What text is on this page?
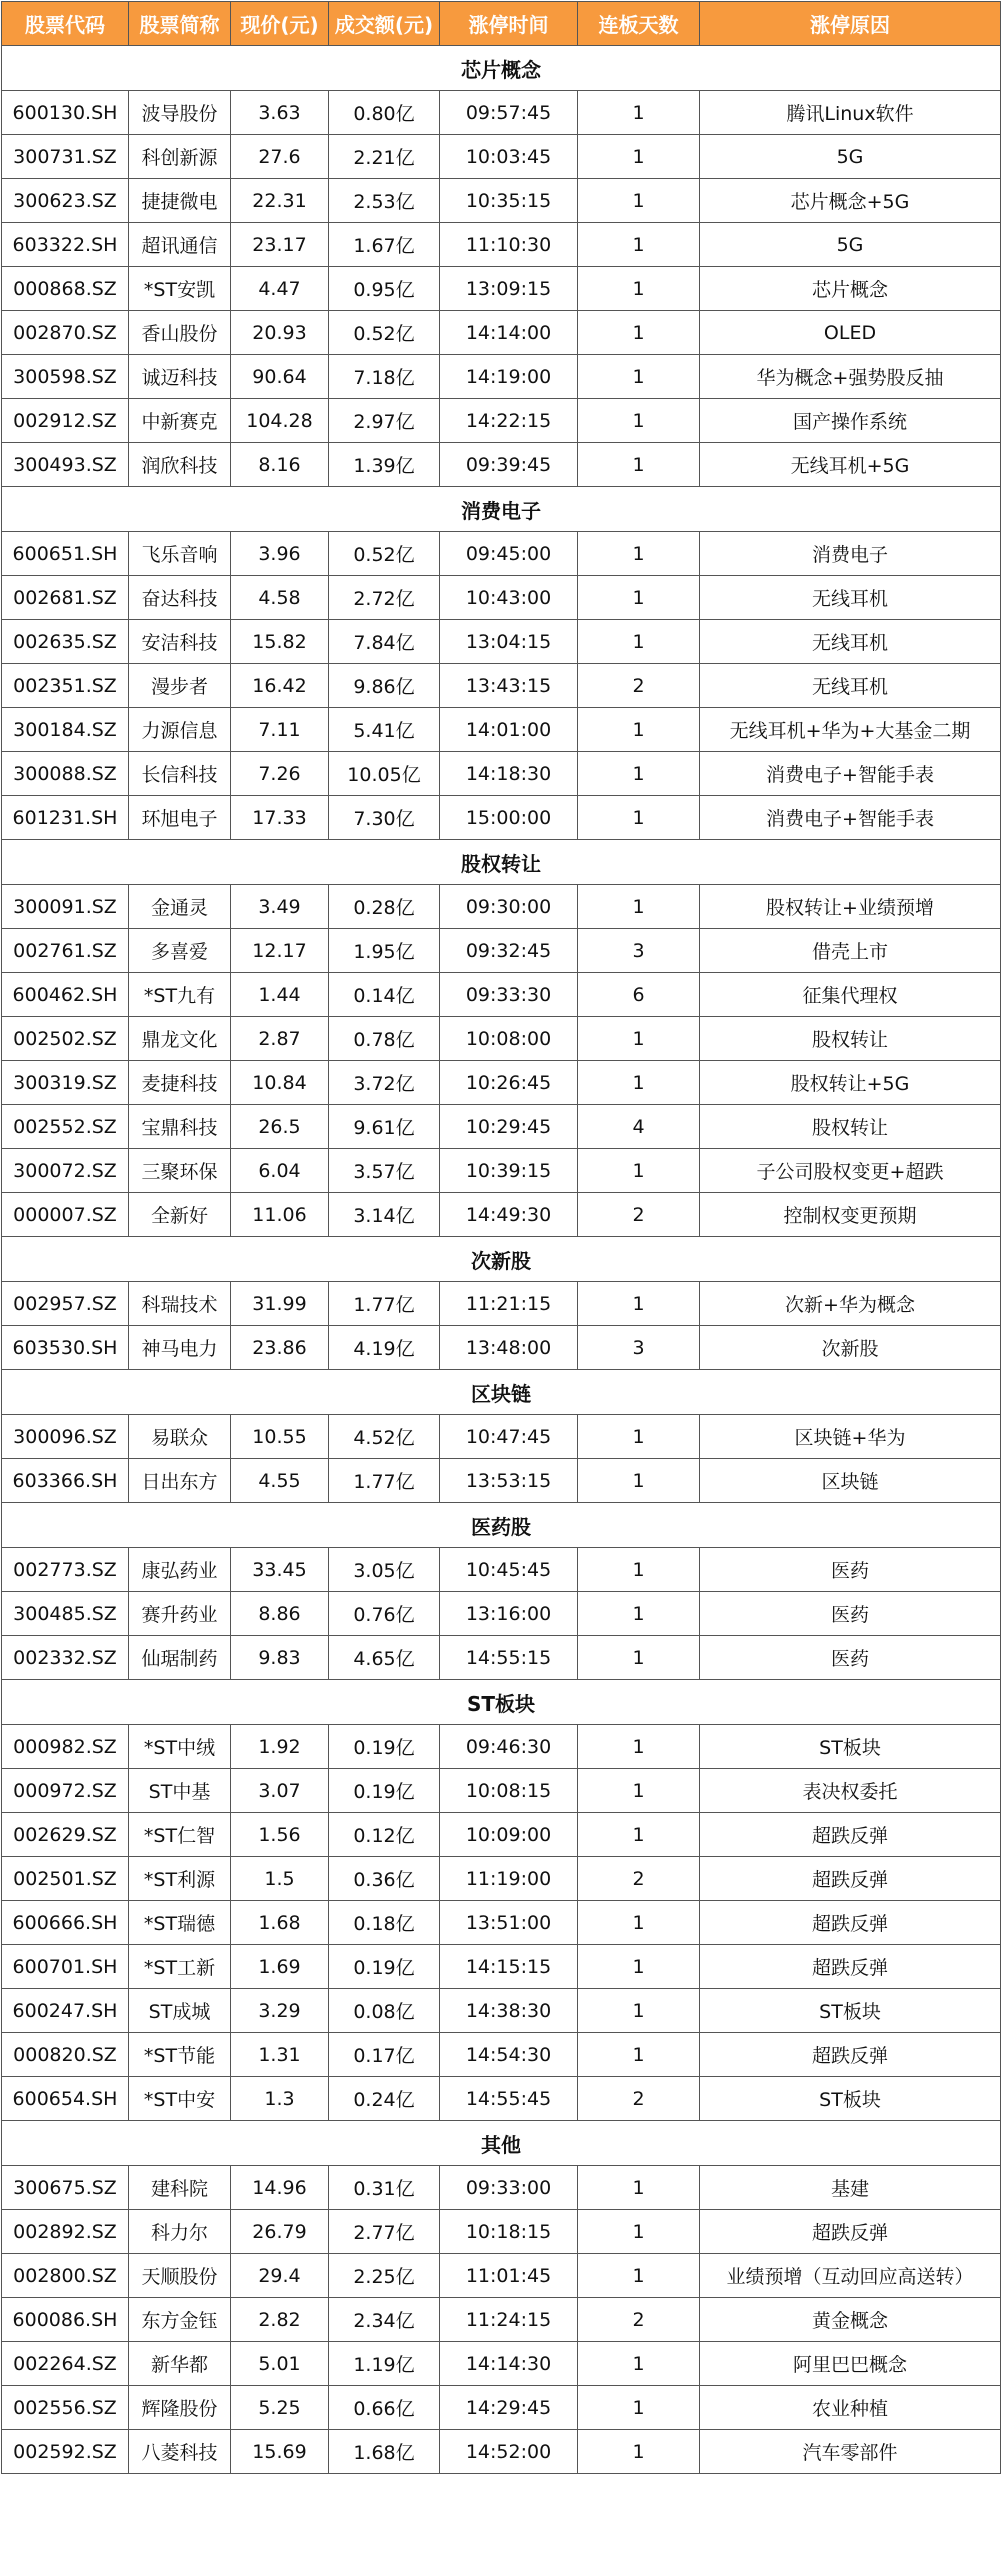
股票代码	股票简称	现价(元)	成交额(元)	涨停时间	连板天数	涨停原因
芯片概念						
600130.SH	波导股份	3.63	0.80亿	09:57:45	1	腾讯Linux软件
300731.SZ	科创新源	27.6	2.21亿	10:03:45	1	5G
300623.SZ	捷捷微电	22.31	2.53亿	10:35:15	1	芯片概念+5G
603322.SH	超讯通信	23.17	1.67亿	11:10:30	1	5G
000868.SZ	*ST安凯	4.47	0.95亿	13:09:15	1	芯片概念
002870.SZ	香山股份	20.93	0.52亿	14:14:00	1	OLED
300598.SZ	诚迈科技	90.64	7.18亿	14:19:00	1	华为概念+强势股反抽
002912.SZ	中新赛克	104.28	2.97亿	14:22:15	1	国产操作系统
300493.SZ	润欣科技	8.16	1.39亿	09:39:45	1	无线耳机+5G
消费电子						
600651.SH	飞乐音响	3.96	0.52亿	09:45:00	1	消费电子
002681.SZ	奋达科技	4.58	2.72亿	10:43:00	1	无线耳机
002635.SZ	安洁科技	15.82	7.84亿	13:04:15	1	无线耳机
002351.SZ	漫步者	16.42	9.86亿	13:43:15	2	无线耳机
300184.SZ	力源信息	7.11	5.41亿	14:01:00	1	无线耳机+华为+大基金二期
300088.SZ	长信科技	7.26	10.05亿	14:18:30	1	消费电子+智能手表
601231.SH	环旭电子	17.33	7.30亿	15:00:00	1	消费电子+智能手表
股权转让						
300091.SZ	金通灵	3.49	0.28亿	09:30:00	1	股权转让+业绩预增
002761.SZ	多喜爱	12.17	1.95亿	09:32:45	3	借壳上市
600462.SH	*ST九有	1.44	0.14亿	09:33:30	6	征集代理权
002502.SZ	鼎龙文化	2.87	0.78亿	10:08:00	1	股权转让
300319.SZ	麦捷科技	10.84	3.72亿	10:26:45	1	股权转让+5G
002552.SZ	宝鼎科技	26.5	9.61亿	10:29:45	4	股权转让
300072.SZ	三聚环保	6.04	3.57亿	10:39:15	1	子公司股权变更+超跌
000007.SZ	全新好	11.06	3.14亿	14:49:30	2	控制权变更预期
次新股						
002957.SZ	科瑞技术	31.99	1.77亿	11:21:15	1	次新+华为概念
603530.SH	神马电力	23.86	4.19亿	13:48:00	3	次新股
区块链						
300096.SZ	易联众	10.55	4.52亿	10:47:45	1	区块链+华为
603366.SH	日出东方	4.55	1.77亿	13:53:15	1	区块链
医药股						
002773.SZ	康弘药业	33.45	3.05亿	10:45:45	1	医药
300485.SZ	赛升药业	8.86	0.76亿	13:16:00	1	医药
002332.SZ	仙琚制药	9.83	4.65亿	14:55:15	1	医药
ST板块						
000982.SZ	*ST中绒	1.92	0.19亿	09:46:30	1	ST板块
000972.SZ	ST中基	3.07	0.19亿	10:08:15	1	表决权委托
002629.SZ	*ST仁智	1.56	0.12亿	10:09:00	1	超跌反弹
002501.SZ	*ST利源	1.5	0.36亿	11:19:00	2	超跌反弹
600666.SH	*ST瑞德	1.68	0.18亿	13:51:00	1	超跌反弹
600701.SH	*ST工新	1.69	0.19亿	14:15:15	1	超跌反弹
600247.SH	ST成城	3.29	0.08亿	14:38:30	1	ST板块
000820.SZ	*ST节能	1.31	0.17亿	14:54:30	1	超跌反弹
600654.SH	*ST中安	1.3	0.24亿	14:55:45	2	ST板块
其他						
300675.SZ	建科院	14.96	0.31亿	09:33:00	1	基建
002892.SZ	科力尔	26.79	2.77亿	10:18:15	1	超跌反弹
002800.SZ	天顺股份	29.4	2.25亿	11:01:45	1	业绩预增（互动回应高送转）
600086.SH	东方金钰	2.82	2.34亿	11:24:15	2	黄金概念
002264.SZ	新华都	5.01	1.19亿	14:14:30	1	阿里巴巴概念
002556.SZ	辉隆股份	5.25	0.66亿	14:29:45	1	农业种植
002592.SZ	八菱科技	15.69	1.68亿	14:52:00	1	汽车零部件
